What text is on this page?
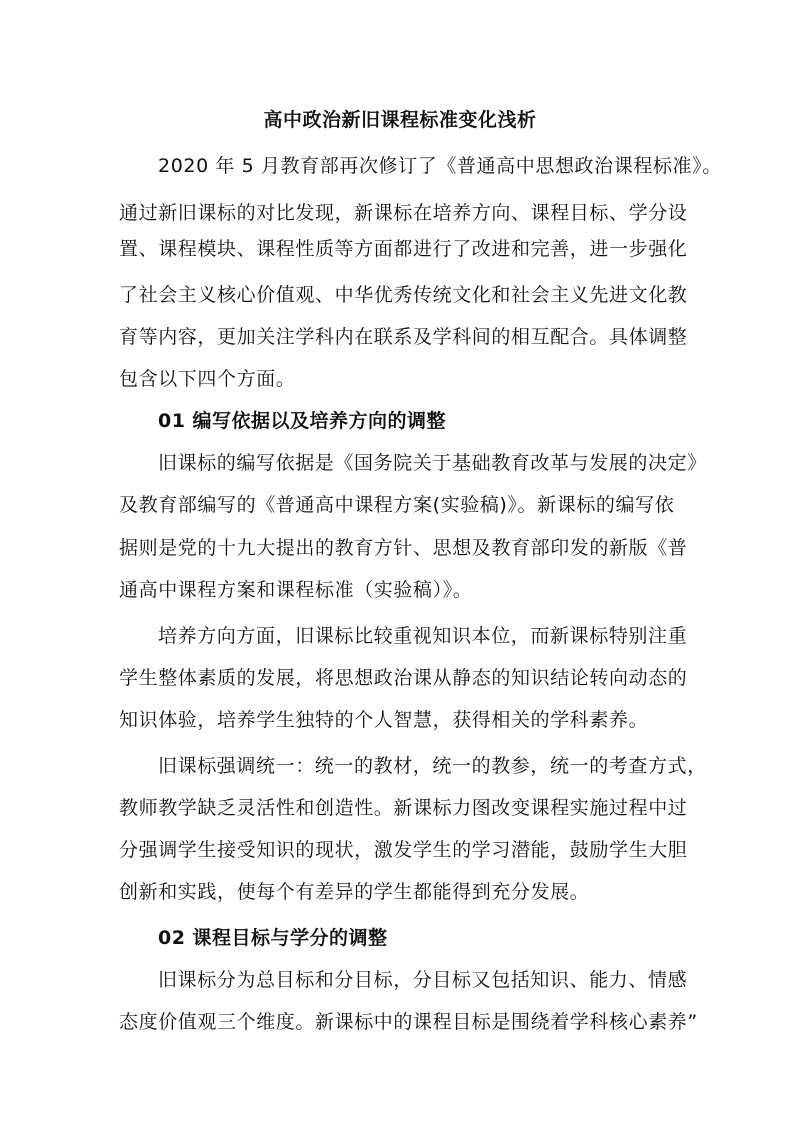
高中政治新旧课程标准变化浅析
2020 年 5 月教育部再次修订了《普通高中思想政治课程标准》。
通过新旧课标的对比发现，新课标在培养方向、课程目标、学分设
置、课程模块、课程性质等方面都进行了改进和完善，进一步强化
了社会主义核心价值观、中华优秀传统文化和社会主义先进文化教
育等内容，更加关注学科内在联系及学科间的相互配合。具体调整
包含以下四个方面。
01 编写依据以及培养方向的调整
旧课标的编写依据是《国务院关于基础教育改革与发展的决定》
及教育部编写的《普通高中课程方案(实验稿)》。新课标的编写依
据则是党的十九大提出的教育方针、思想及教育部印发的新版《普
通高中课程方案和课程标准（实验稿）》。
培养方向方面，旧课标比较重视知识本位，而新课标特别注重
学生整体素质的发展，将思想政治课从静态的知识结论转向动态的
知识体验，培养学生独特的个人智慧，获得相关的学科素养。
旧课标强调统一：统一的教材，统一的教参，统一的考查方式，
教师教学缺乏灵活性和创造性。新课标力图改变课程实施过程中过
分强调学生接受知识的现状，激发学生的学习潜能，鼓励学生大胆
创新和实践，使每个有差异的学生都能得到充分发展。
02 课程目标与学分的调整
旧课标分为总目标和分目标，分目标又包括知识、能力、情感
态度价值观三个维度。新课标中的课程目标是围绕着学科核心素养”
